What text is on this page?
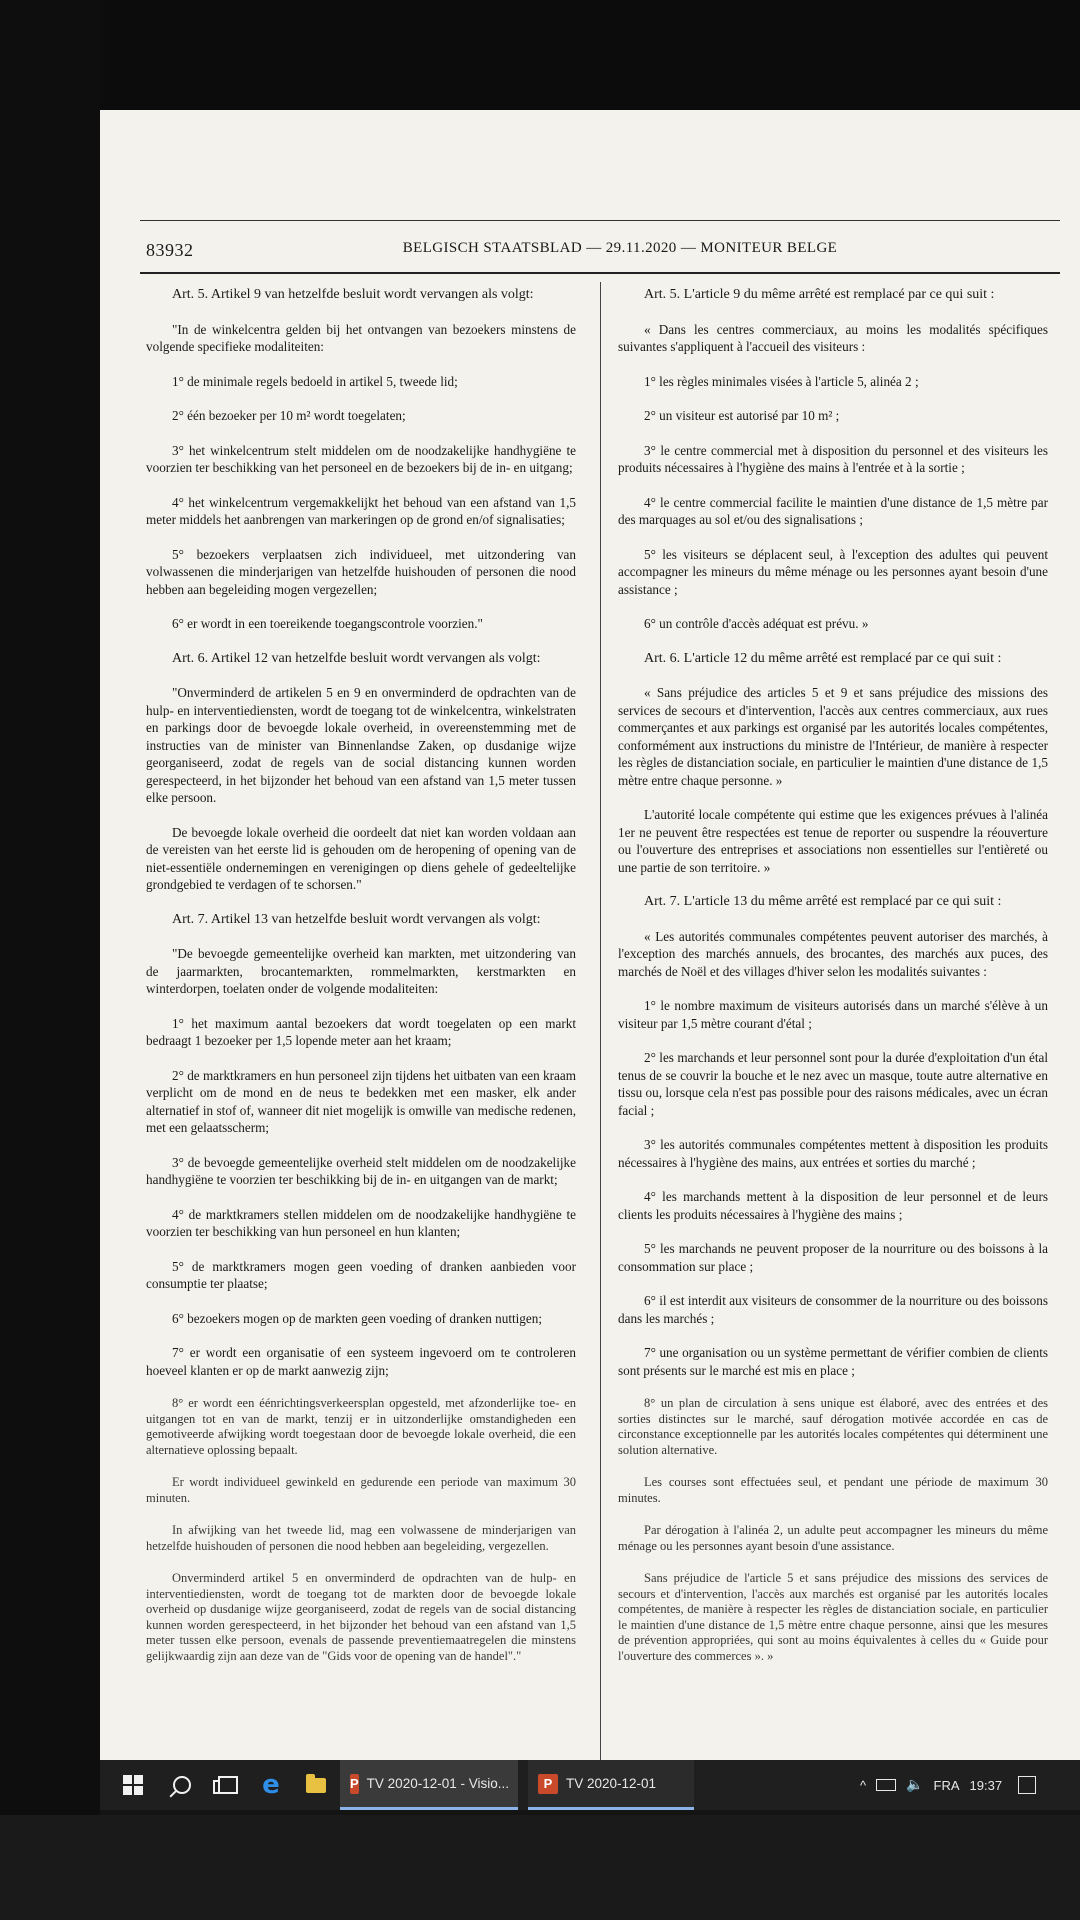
83932	BELGISCH STAATSBLAD — 29.11.2020 — MONITEUR BELGE

Art. 5. Artikel 9 van hetzelfde besluit wordt vervangen als volgt:

"In de winkelcentra gelden bij het ontvangen van bezoekers minstens de volgende specifieke modaliteiten:

1° de minimale regels bedoeld in artikel 5, tweede lid;

2° één bezoeker per 10 m² wordt toegelaten;

3° het winkelcentrum stelt middelen om de noodzakelijke handhygiëne te voorzien ter beschikking van het personeel en de bezoekers bij de in- en uitgang;

4° het winkelcentrum vergemakkelijkt het behoud van een afstand van 1,5 meter middels het aanbrengen van markeringen op de grond en/of signalisaties;

5° bezoekers verplaatsen zich individueel, met uitzondering van volwassenen die minderjarigen van hetzelfde huishouden of personen die nood hebben aan begeleiding mogen vergezellen;

6° er wordt in een toereikende toegangscontrole voorzien."

Art. 6. Artikel 12 van hetzelfde besluit wordt vervangen als volgt:

"Onverminderd de artikelen 5 en 9 en onverminderd de opdrachten van de hulp- en interventiediensten, wordt de toegang tot de winkelcentra, winkelstraten en parkings door de bevoegde lokale overheid, in overeenstemming met de instructies van de minister van Binnenlandse Zaken, op dusdanige wijze georganiseerd, zodat de regels van de social distancing kunnen worden gerespecteerd, in het bijzonder het behoud van een afstand van 1,5 meter tussen elke persoon.

De bevoegde lokale overheid die oordeelt dat niet kan worden voldaan aan de vereisten van het eerste lid is gehouden om de heropening of opening van de niet-essentiële ondernemingen en verenigingen op diens gehele of gedeeltelijke grondgebied te verdagen of te schorsen."

Art. 7. Artikel 13 van hetzelfde besluit wordt vervangen als volgt:

"De bevoegde gemeentelijke overheid kan markten, met uitzondering van de jaarmarkten, brocantemarkten, rommelmarkten, kerstmarkten en winterdorpen, toelaten onder de volgende modaliteiten:

1° het maximum aantal bezoekers dat wordt toegelaten op een markt bedraagt 1 bezoeker per 1,5 lopende meter aan het kraam;

2° de marktkramers en hun personeel zijn tijdens het uitbaten van een kraam verplicht om de mond en de neus te bedekken met een masker, elk ander alternatief in stof of, wanneer dit niet mogelijk is omwille van medische redenen, met een gelaatsscherm;

3° de bevoegde gemeentelijke overheid stelt middelen om de noodzakelijke handhygiëne te voorzien ter beschikking bij de in- en uitgangen van de markt;

4° de marktkramers stellen middelen om de noodzakelijke handhygiëne te voorzien ter beschikking van hun personeel en hun klanten;

5° de marktkramers mogen geen voeding of dranken aanbieden voor consumptie ter plaatse;

6° bezoekers mogen op de markten geen voeding of dranken nuttigen;

7° er wordt een organisatie of een systeem ingevoerd om te controleren hoeveel klanten er op de markt aanwezig zijn;

8° er wordt een éénrichtingsverkeersplan opgesteld, met afzonderlijke toe- en uitgangen tot en van de markt, tenzij er in uitzonderlijke omstandigheden een gemotiveerde afwijking wordt toegestaan door de bevoegde lokale overheid, die een alternatieve oplossing bepaalt.

Er wordt individueel gewinkeld en gedurende een periode van maximum 30 minuten.

In afwijking van het tweede lid, mag een volwassene de minderjarigen van hetzelfde huishouden of personen die nood hebben aan begeleiding, vergezellen.

Onverminderd artikel 5 en onverminderd de opdrachten van de hulp- en interventiediensten, wordt de toegang tot de markten door de bevoegde lokale overheid op dusdanige wijze georganiseerd, zodat de regels van de social distancing kunnen worden gerespecteerd, in het bijzonder het behoud van een afstand van 1,5 meter tussen elke persoon, evenals de passende preventiemaatregelen die minstens gelijkwaardig zijn aan deze van de "Gids voor de opening van de handel"."

Art. 5. L'article 9 du même arrêté est remplacé par ce qui suit :

« Dans les centres commerciaux, au moins les modalités spécifiques suivantes s'appliquent à l'accueil des visiteurs :

1° les règles minimales visées à l'article 5, alinéa 2 ;

2° un visiteur est autorisé par 10 m² ;

3° le centre commercial met à disposition du personnel et des visiteurs les produits nécessaires à l'hygiène des mains à l'entrée et à la sortie ;

4° le centre commercial facilite le maintien d'une distance de 1,5 mètre par des marquages au sol et/ou des signalisations ;

5° les visiteurs se déplacent seul, à l'exception des adultes qui peuvent accompagner les mineurs du même ménage ou les personnes ayant besoin d'une assistance ;

6° un contrôle d'accès adéquat est prévu. »

Art. 6. L'article 12 du même arrêté est remplacé par ce qui suit :

« Sans préjudice des articles 5 et 9 et sans préjudice des missions des services de secours et d'intervention, l'accès aux centres commerciaux, aux rues commerçantes et aux parkings est organisé par les autorités locales compétentes, conformément aux instructions du ministre de l'Intérieur, de manière à respecter les règles de distanciation sociale, en particulier le maintien d'une distance de 1,5 mètre entre chaque personne. »

L'autorité locale compétente qui estime que les exigences prévues à l'alinéa 1er ne peuvent être respectées est tenue de reporter ou suspendre la réouverture ou l'ouverture des entreprises et associations non essentielles sur l'entièreté ou une partie de son territoire. »

Art. 7. L'article 13 du même arrêté est remplacé par ce qui suit :

« Les autorités communales compétentes peuvent autoriser des marchés, à l'exception des marchés annuels, des brocantes, des marchés aux puces, des marchés de Noël et des villages d'hiver selon les modalités suivantes :

1° le nombre maximum de visiteurs autorisés dans un marché s'élève à un visiteur par 1,5 mètre courant d'étal ;

2° les marchands et leur personnel sont pour la durée d'exploitation d'un étal tenus de se couvrir la bouche et le nez avec un masque, toute autre alternative en tissu ou, lorsque cela n'est pas possible pour des raisons médicales, avec un écran facial ;

3° les autorités communales compétentes mettent à disposition les produits nécessaires à l'hygiène des mains, aux entrées et sorties du marché ;

4° les marchands mettent à la disposition de leur personnel et de leurs clients les produits nécessaires à l'hygiène des mains ;

5° les marchands ne peuvent proposer de la nourriture ou des boissons à la consommation sur place ;

6° il est interdit aux visiteurs de consommer de la nourriture ou des boissons dans les marchés ;

7° une organisation ou un système permettant de vérifier combien de clients sont présents sur le marché est mis en place ;

8° un plan de circulation à sens unique est élaboré, avec des entrées et des sorties distinctes sur le marché, sauf dérogation motivée accordée en cas de circonstance exceptionnelle par les autorités locales compétentes qui déterminent une solution alternative.

Les courses sont effectuées seul, et pendant une période de maximum 30 minutes.

Par dérogation à l'alinéa 2, un adulte peut accompagner les mineurs du même ménage ou les personnes ayant besoin d'une assistance.

Sans préjudice de l'article 5 et sans préjudice des missions des services de secours et d'intervention, l'accès aux marchés est organisé par les autorités locales compétentes, de manière à respecter les règles de distanciation sociale, en particulier le maintien d'une distance de 1,5 mètre entre chaque personne, ainsi que les mesures de prévention appropriées, qui sont au moins équivalentes à celles du « Guide pour l'ouverture des commerces ». »

e	P TV 2020-12-01 - Visio...	P	TV 2020-12-01	^	🔈 FRA 19:37
